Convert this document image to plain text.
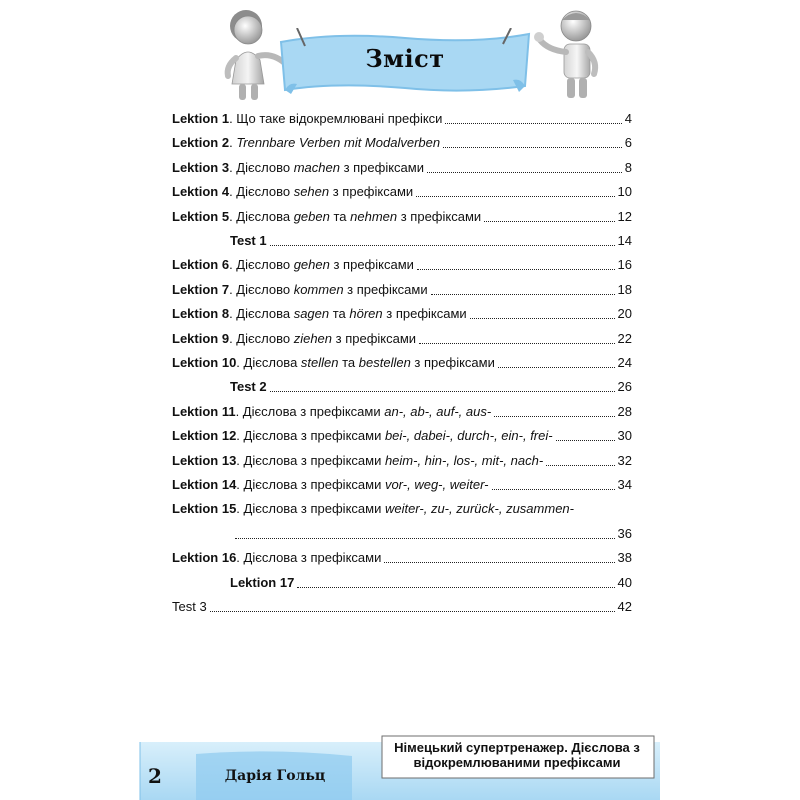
Зміст
Lektion 1. Що таке відокремлювані префікси	4
Lektion 2. Trennbare Verben mit Modalverben	6
Lektion 3. Дієслово machen з префіксами	8
Lektion 4. Дієслово sehen з префіксами	10
Lektion 5. Дієслова geben та nehmen з префіксами	12
Test 1	14
Lektion 6. Дієслово gehen з префіксами	16
Lektion 7. Дієслово kommen з префіксами	18
Lektion 8. Дієслова sagen та hören з префіксами	20
Lektion 9. Дієслово ziehen з префіксами	22
Lektion 10. Дієслова stellen та bestellen з префіксами	24
Test 2	26
Lektion 11. Дієслова з префіксами an-, ab-, auf-, aus-	28
Lektion 12. Дієслова з префіксами bei-, dabei-, durch-, ein-, frei-	30
Lektion 13. Дієслова з префіксами heim-, hin-, los-, mit-, nach-	32
Lektion 14. Дієслова з префіксами vor-, weg-, weiter-	34
Lektion 15. Дієслова з префіксами weiter-, zu-, zurück-, zusammen-
36
Lektion 16. Дієслова з префіксами	38
Lektion 17	40
Test 3	42
2	Дарія Гольц
Німецький супертренажер. Дієслова з відокремлюваними префіксами
